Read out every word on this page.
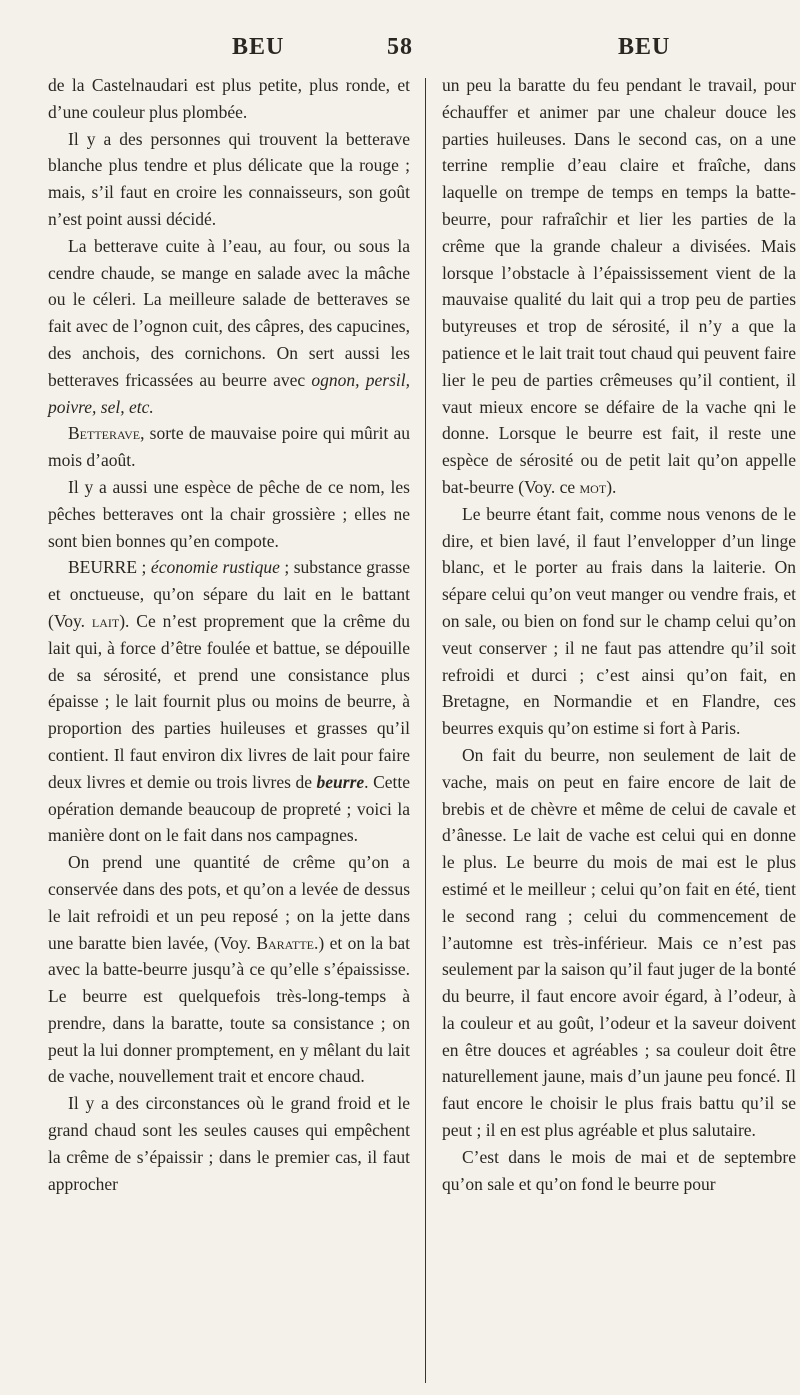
BEU	58	BEU

de la Castelnaudari est plus petite, plus ronde, et d’une couleur plus plombée.

Il y a des personnes qui trouvent la betterave blanche plus tendre et plus délicate que la rouge ; mais, s’il faut en croire les connaisseurs, son goût n’est point aussi décidé.

La betterave cuite à l’eau, au four, ou sous la cendre chaude, se mange en salade avec la mâche ou le céleri. La meilleure salade de betteraves se fait avec de l’ognon cuit, des câpres, des capucines, des anchois, des cornichons. On sert aussi les betteraves fricassées au beurre avec ognon, persil, poivre, sel, etc.

Betterave, sorte de mauvaise poire qui mûrit au mois d’août.

Il y a aussi une espèce de pêche de ce nom, les pêches betteraves ont la chair grossière ; elles ne sont bien bonnes qu’en compote.

BEURRE ; économie rustique ; substance grasse et onctueuse, qu’on sépare du lait en le battant (Voy. lait). Ce n’est proprement que la crême du lait qui, à force d’être foulée et battue, se dépouille de sa sérosité, et prend une consistance plus épaisse ; le lait fournit plus ou moins de beurre, à proportion des parties huileuses et grasses qu’il contient. Il faut environ dix livres de lait pour faire deux livres et demie ou trois livres de beurre. Cette opération demande beaucoup de propreté ; voici la manière dont on le fait dans nos campagnes.

On prend une quantité de crême qu’on a conservée dans des pots, et qu’on a levée de dessus le lait refroidi et un peu reposé ; on la jette dans une baratte bien lavée, (Voy. Baratte.) et on la bat avec la batte-beurre jusqu’à ce qu’elle s’épaississe. Le beurre est quelquefois très-long-temps à prendre, dans la baratte, toute sa consistance ; on peut la lui donner promptement, en y mêlant du lait de vache, nouvellement trait et encore chaud.

Il y a des circonstances où le grand froid et le grand chaud sont les seules causes qui empêchent la crême de s’épaissir ; dans le premier cas, il faut approcher

un peu la baratte du feu pendant le travail, pour échauffer et animer par une chaleur douce les parties huileuses. Dans le second cas, on a une terrine remplie d’eau claire et fraîche, dans laquelle on trempe de temps en temps la batte-beurre, pour rafraîchir et lier les parties de la crême que la grande chaleur a divisées. Mais lorsque l’obstacle à l’épaississement vient de la mauvaise qualité du lait qui a trop peu de parties butyreuses et trop de sérosité, il n’y a que la patience et le lait trait tout chaud qui peuvent faire lier le peu de parties crêmeuses qu’il contient, il vaut mieux encore se défaire de la vache qni le donne. Lorsque le beurre est fait, il reste une espèce de sérosité ou de petit lait qu’on appelle bat-beurre (Voy. ce mot).

Le beurre étant fait, comme nous venons de le dire, et bien lavé, il faut l’envelopper d’un linge blanc, et le porter au frais dans la laiterie. On sépare celui qu’on veut manger ou vendre frais, et on sale, ou bien on fond sur le champ celui qu’on veut conserver ; il ne faut pas attendre qu’il soit refroidi et durci ; c’est ainsi qu’on fait, en Bretagne, en Normandie et en Flandre, ces beurres exquis qu’on estime si fort à Paris.

On fait du beurre, non seulement de lait de vache, mais on peut en faire encore de lait de brebis et de chèvre et même de celui de cavale et d’ânesse. Le lait de vache est celui qui en donne le plus. Le beurre du mois de mai est le plus estimé et le meilleur ; celui qu’on fait en été, tient le second rang ; celui du commencement de l’automne est très-inférieur. Mais ce n’est pas seulement par la saison qu’il faut juger de la bonté du beurre, il faut encore avoir égard, à l’odeur, à la couleur et au goût, l’odeur et la saveur doivent en être douces et agréables ; sa couleur doit être naturellement jaune, mais d’un jaune peu foncé. Il faut encore le choisir le plus frais battu qu’il se peut ; il en est plus agréable et plus salutaire.

C’est dans le mois de mai et de septembre qu’on sale et qu’on fond le beurre pour
